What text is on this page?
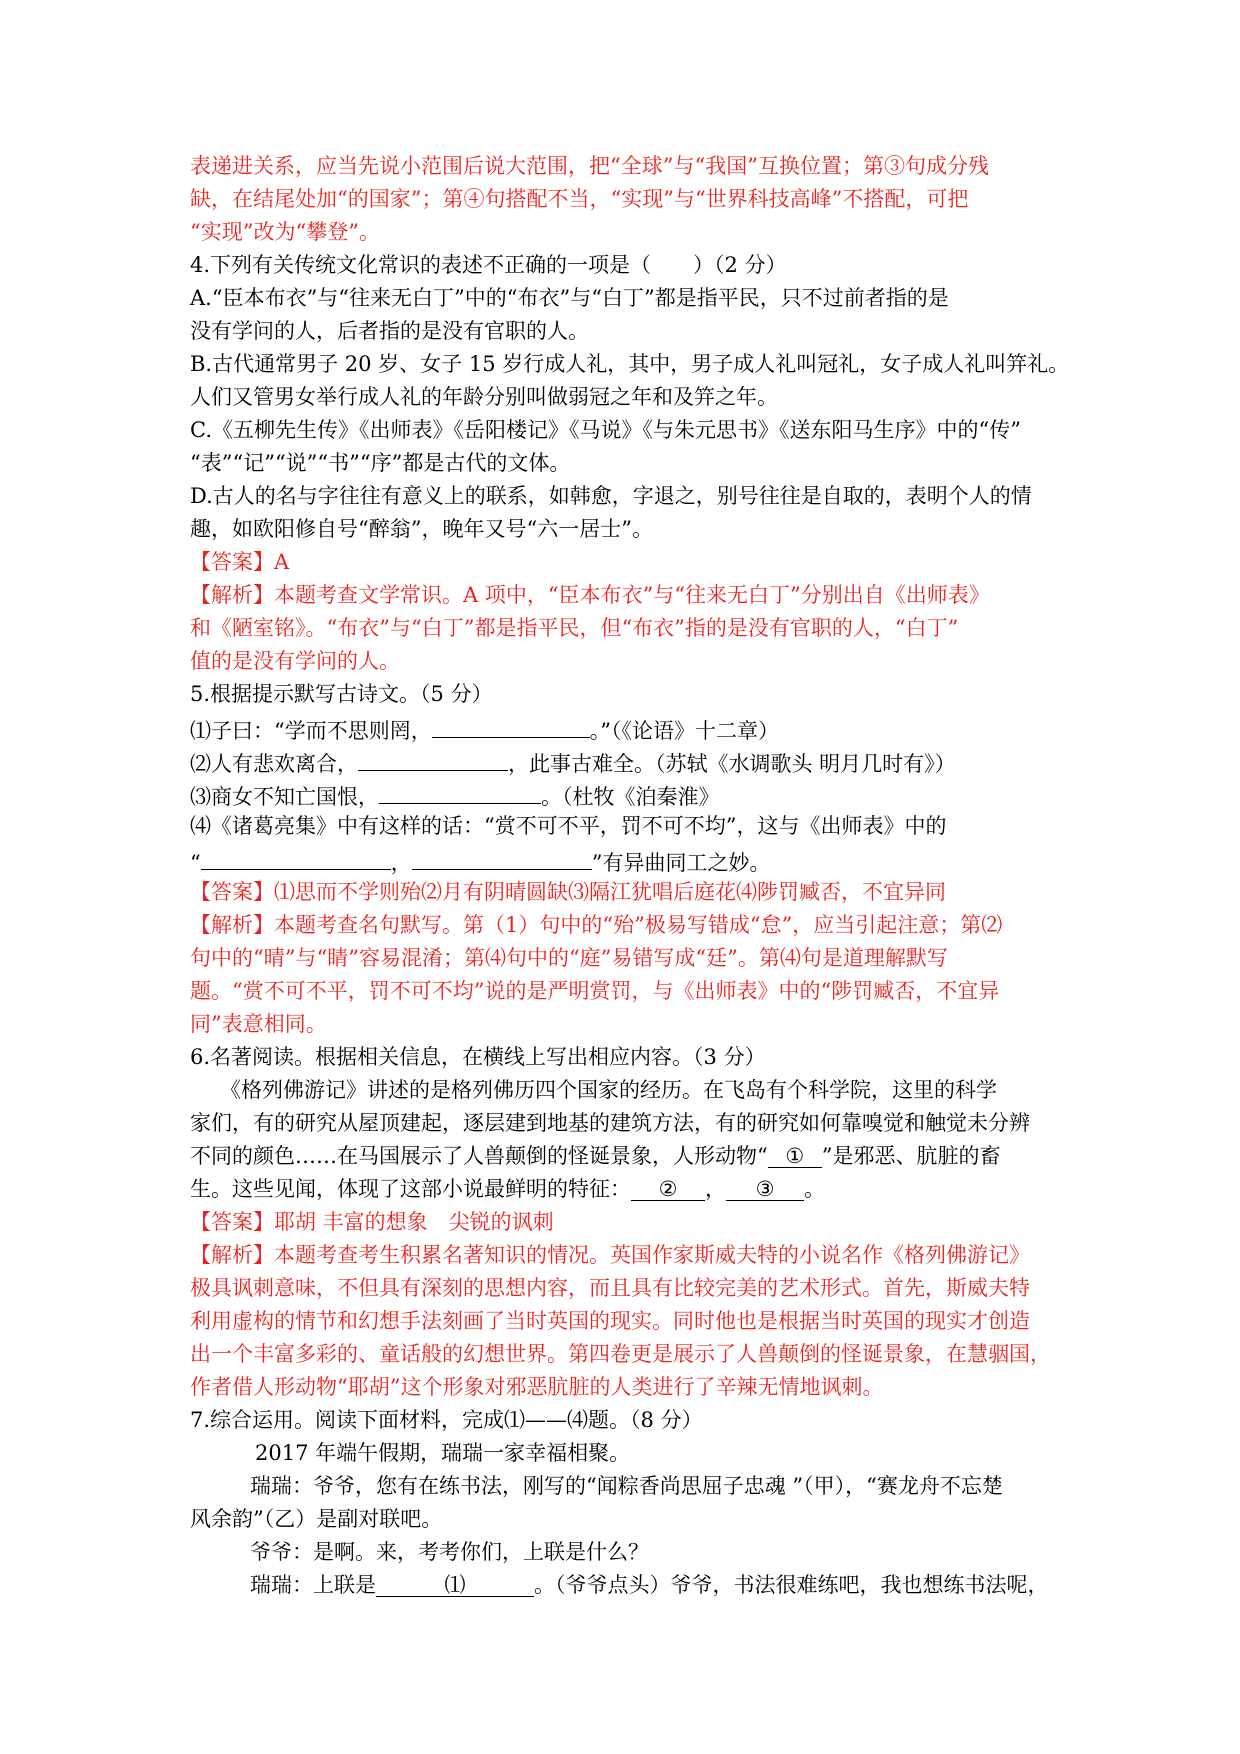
表递进关系，应当先说小范围后说大范围，把“全球”与“我国”互换位置；第③句成分残
缺，在结尾处加“的国家”；第④句搭配不当，“实现”与“世界科技高峰”不搭配，可把
“实现”改为“攀登”。
4.下列有关传统文化常识的表述不正确的一项是（　　）（2 分）
A.“臣本布衣”与“往来无白丁”中的“布衣”与“白丁”都是指平民，只不过前者指的是
没有学问的人，后者指的是没有官职的人。
B.古代通常男子 20 岁、女子 15 岁行成人礼，其中，男子成人礼叫冠礼，女子成人礼叫笄礼。
人们又管男女举行成人礼的年龄分别叫做弱冠之年和及笄之年。
C.《五柳先生传》《出师表》《岳阳楼记》《马说》《与朱元思书》《送东阳马生序》中的“传”
“表”“记”“说”“书”“序”都是古代的文体。
D.古人的名与字往往有意义上的联系，如韩愈，字退之，别号往往是自取的，表明个人的情
趣，如欧阳修自号“醉翁”，晚年又号“六一居士”。
【答案】A
【解析】本题考查文学常识。A 项中，“臣本布衣”与“往来无白丁”分别出自《出师表》
和《陋室铭》。“布衣”与“白丁”都是指平民，但“布衣”指的是没有官职的人，“白丁”
值的是没有学问的人。
5.根据提示默写古诗文。（5 分）
⑴子曰：“学而不思则罔，	。”（《论语》十二章）
⑵人有悲欢离合，	，此事古难全。（苏轼《水调歌头 明月几时有》）
⑶商女不知亡国恨，	。（杜牧《泊秦淮》
⑷《诸葛亮集》中有这样的话：“赏不可不平，罚不可不均”，这与《出师表》中的
“	，	”有异曲同工之妙。
【答案】⑴思而不学则殆⑵月有阴晴圆缺⑶隔江犹唱后庭花⑷陟罚臧否，不宜异同
【解析】本题考查名句默写。第（1）句中的“殆”极易写错成“怠”，应当引起注意；第⑵
句中的“晴”与“睛”容易混淆；第⑷句中的“庭”易错写成“廷”。第⑷句是道理解默写
题。“赏不可不平，罚不可不均”说的是严明赏罚，与《出师表》中的“陟罚臧否，不宜异
同”表意相同。
6.名著阅读。根据相关信息，在横线上写出相应内容。（3 分）
《格列佛游记》讲述的是格列佛历四个国家的经历。在飞岛有个科学院，这里的科学
家们，有的研究从屋顶建起，逐层建到地基的建筑方法，有的研究如何靠嗅觉和触觉未分辨
不同的颜色……在马国展示了人兽颠倒的怪诞景象，人形动物“ ① ”是邪恶、肮脏的畜
生。这些见闻，体现了这部小说最鲜明的特征： ② ， ③ 。
【答案】耶胡 丰富的想象　尖锐的讽刺
【解析】本题考查考生积累名著知识的情况。英国作家斯威夫特的小说名作《格列佛游记》
极具讽刺意味，不但具有深刻的思想内容，而且具有比较完美的艺术形式。首先，斯威夫特
利用虚构的情节和幻想手法刻画了当时英国的现实。同时他也是根据当时英国的现实才创造
出一个丰富多彩的、童话般的幻想世界。第四卷更是展示了人兽颠倒的怪诞景象，在慧骃国，
作者借人形动物“耶胡”这个形象对邪恶肮脏的人类进行了辛辣无情地讽刺。
7.综合运用。阅读下面材料，完成⑴——⑷题。（8 分）
2017 年端午假期，瑞瑞一家幸福相聚。
瑞瑞：爷爷，您有在练书法，刚写的“闻粽香尚思屈子忠魂 ”（甲），“赛龙舟不忘楚
风余韵”（乙）是副对联吧。
爷爷：是啊。来，考考你们，上联是什么？
瑞瑞：上联是	⑴	。（爷爷点头）爷爷，书法很难练吧，我也想练书法呢，
